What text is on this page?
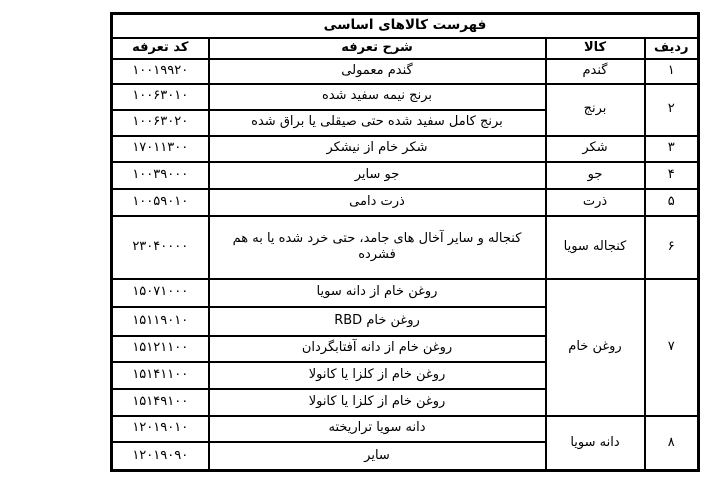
فهرست کالاهای اساسی			
ردیف	کالا	شرح تعرفه	کد تعرفه
۱	گندم	گندم معمولی	۱۰۰۱۹۹۲۰
۲	برنج	برنج نیمه سفید شده	۱۰۰۶۳۰۱۰
		برنج کامل سفید شده حتی صیقلی یا براق شده	۱۰۰۶۳۰۲۰
۳	شکر	شکر خام از نیشکر	۱۷۰۱۱۳۰۰
۴	جو	جو سایر	۱۰۰۳۹۰۰۰
۵	ذرت	ذرت دامی	۱۰۰۵۹۰۱۰
۶	کنجاله سویا	کنجاله و سایر آخال های جامد، حتی خرد شده یا به هم فشرده	۲۳۰۴۰۰۰۰
۷	روغن خام	روغن خام از دانه سویا	۱۵۰۷۱۰۰۰
		روغن خام RBD	۱۵۱۱۹۰۱۰
		روغن خام از دانه آفتابگردان	۱۵۱۲۱۱۰۰
		روغن خام از کلزا یا کانولا	۱۵۱۴۱۱۰۰
		روغن خام از کلزا یا کانولا	۱۵۱۴۹۱۰۰
۸	دانه سویا	دانه سویا تراریخته	۱۲۰۱۹۰۱۰
		سایر	۱۲۰۱۹۰۹۰
